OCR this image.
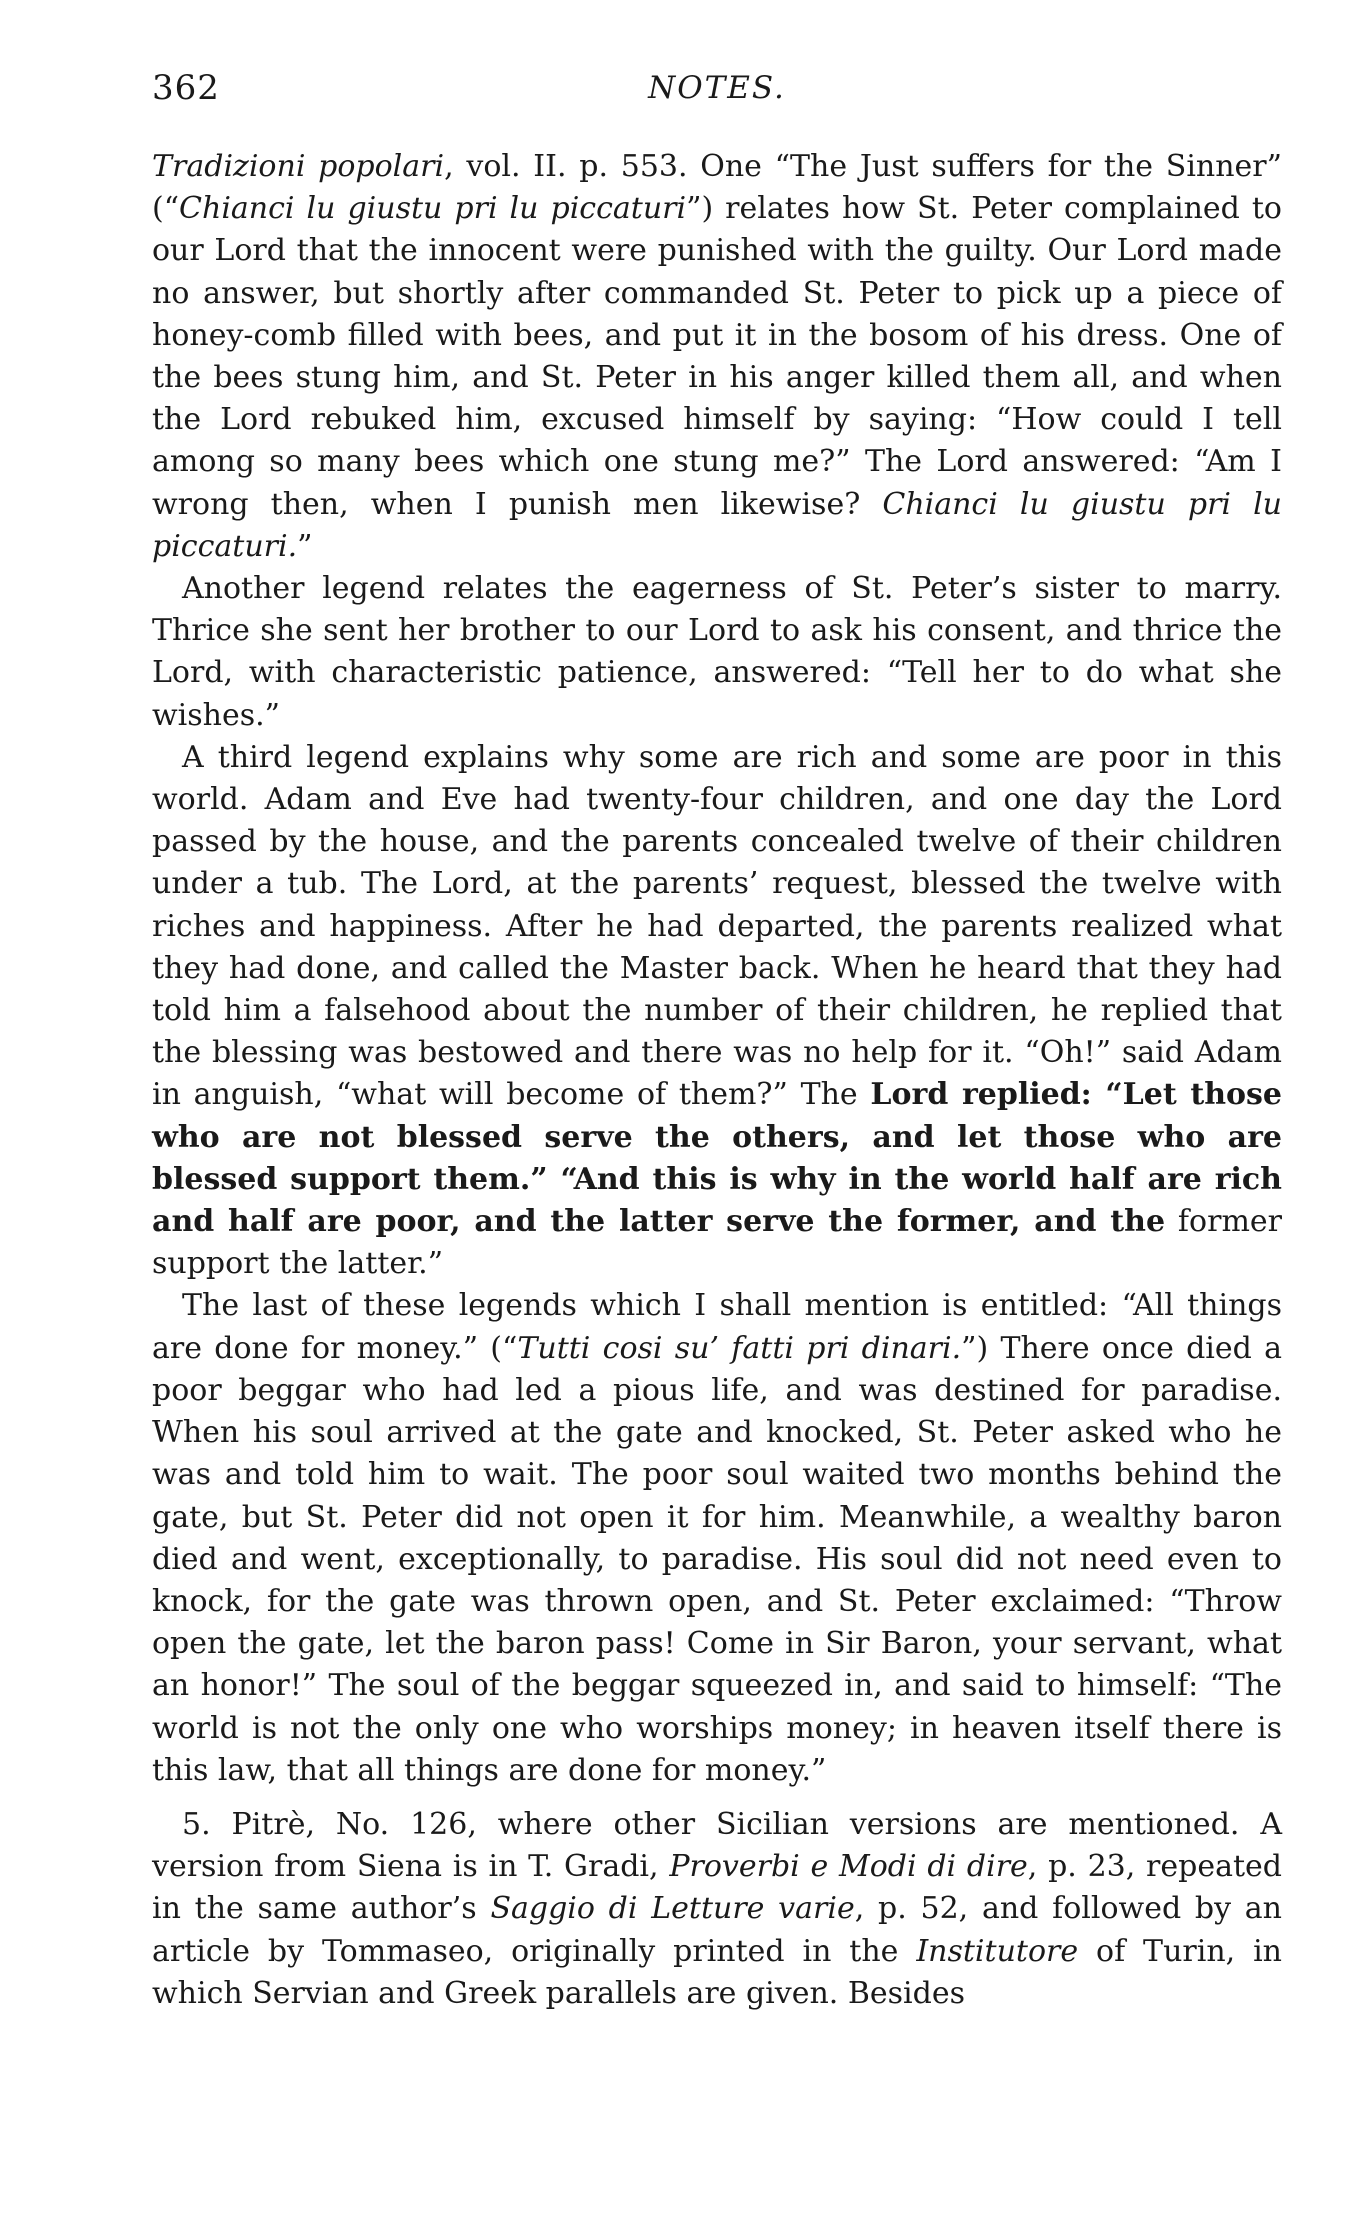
362	NOTES.

Tradizioni popolari, vol. II. p. 553. One “The Just suffers for the Sinner” (“Chianci lu giustu pri lu piccaturi”) relates how St. Peter complained to our Lord that the innocent were punished with the guilty. Our Lord made no answer, but shortly after commanded St. Peter to pick up a piece of honey-comb filled with bees, and put it in the bosom of his dress. One of the bees stung him, and St. Peter in his anger killed them all, and when the Lord rebuked him, excused himself by saying: “How could I tell among so many bees which one stung me?” The Lord answered: “Am I wrong then, when I punish men likewise? Chianci lu giustu pri lu piccaturi.”

Another legend relates the eagerness of St. Peter’s sister to marry. Thrice she sent her brother to our Lord to ask his consent, and thrice the Lord, with characteristic patience, answered: “Tell her to do what she wishes.”

A third legend explains why some are rich and some are poor in this world. Adam and Eve had twenty-four children, and one day the Lord passed by the house, and the parents concealed twelve of their children under a tub. The Lord, at the parents’ request, blessed the twelve with riches and happiness. After he had departed, the parents realized what they had done, and called the Master back. When he heard that they had told him a falsehood about the number of their children, he replied that the blessing was bestowed and there was no help for it. “Oh!” said Adam in anguish, “what will become of them?” The Lord replied: “Let those who are not blessed serve the others, and let those who are blessed support them.” “And this is why in the world half are rich and half are poor, and the latter serve the former, and the former support the latter.”

The last of these legends which I shall mention is entitled: “All things are done for money.” (“Tutti cosi su’ fatti pri dinari.”) There once died a poor beggar who had led a pious life, and was destined for paradise. When his soul arrived at the gate and knocked, St. Peter asked who he was and told him to wait. The poor soul waited two months behind the gate, but St. Peter did not open it for him. Meanwhile, a wealthy baron died and went, exceptionally, to paradise. His soul did not need even to knock, for the gate was thrown open, and St. Peter exclaimed: “Throw open the gate, let the baron pass! Come in Sir Baron, your servant, what an honor!” The soul of the beggar squeezed in, and said to himself: “The world is not the only one who worships money; in heaven itself there is this law, that all things are done for money.”

5. Pitrè, No. 126, where other Sicilian versions are mentioned. A version from Siena is in T. Gradi, Proverbi e Modi di dire, p. 23, repeated in the same author’s Saggio di Letture varie, p. 52, and followed by an article by Tommaseo, originally printed in the Institutore of Turin, in which Servian and Greek parallels are given. Besides
